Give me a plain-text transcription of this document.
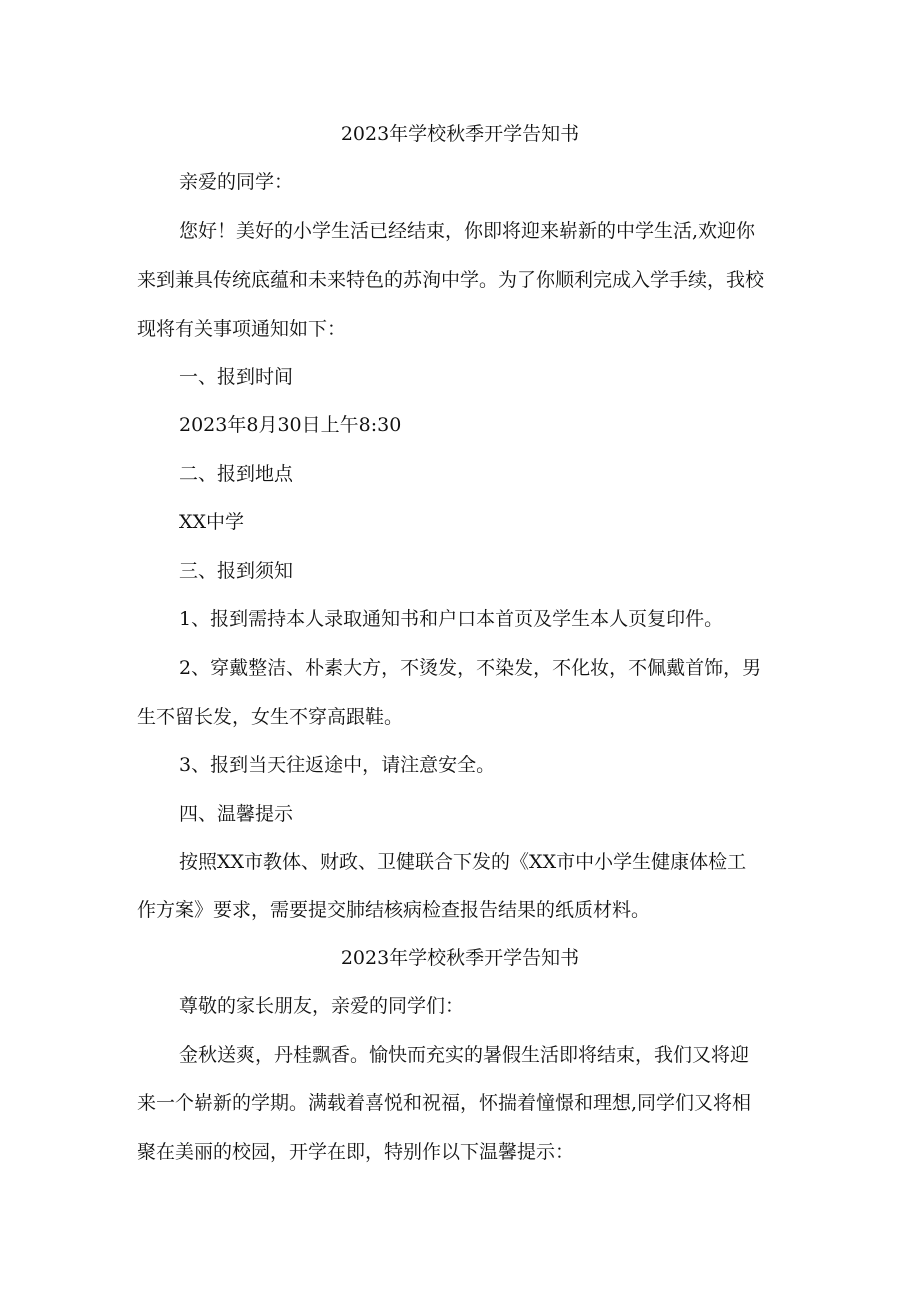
2023年学校秋季开学告知书

亲爱的同学：

您好！美好的小学生活已经结束，你即将迎来崭新的中学生活,欢迎你

来到兼具传统底蕴和未来特色的苏洵中学。为了你顺利完成入学手续，我校

现将有关事项通知如下：

一、报到时间

2023年8月30日上午8:30

二、报到地点

XX中学

三、报到须知

1、报到需持本人录取通知书和户口本首页及学生本人页复印件。

2、穿戴整洁、朴素大方，不烫发，不染发，不化妆，不佩戴首饰，男

生不留长发，女生不穿高跟鞋。

3、报到当天往返途中，请注意安全。

四、温馨提示

按照XX市教体、财政、卫健联合下发的《XX市中小学生健康体检工

作方案》要求，需要提交肺结核病检查报告结果的纸质材料。

2023年学校秋季开学告知书

尊敬的家长朋友，亲爱的同学们：

金秋送爽，丹桂飘香。愉快而充实的暑假生活即将结束，我们又将迎

来一个崭新的学期。满载着喜悦和祝福，怀揣着憧憬和理想,同学们又将相

聚在美丽的校园，开学在即，特别作以下温馨提示：
